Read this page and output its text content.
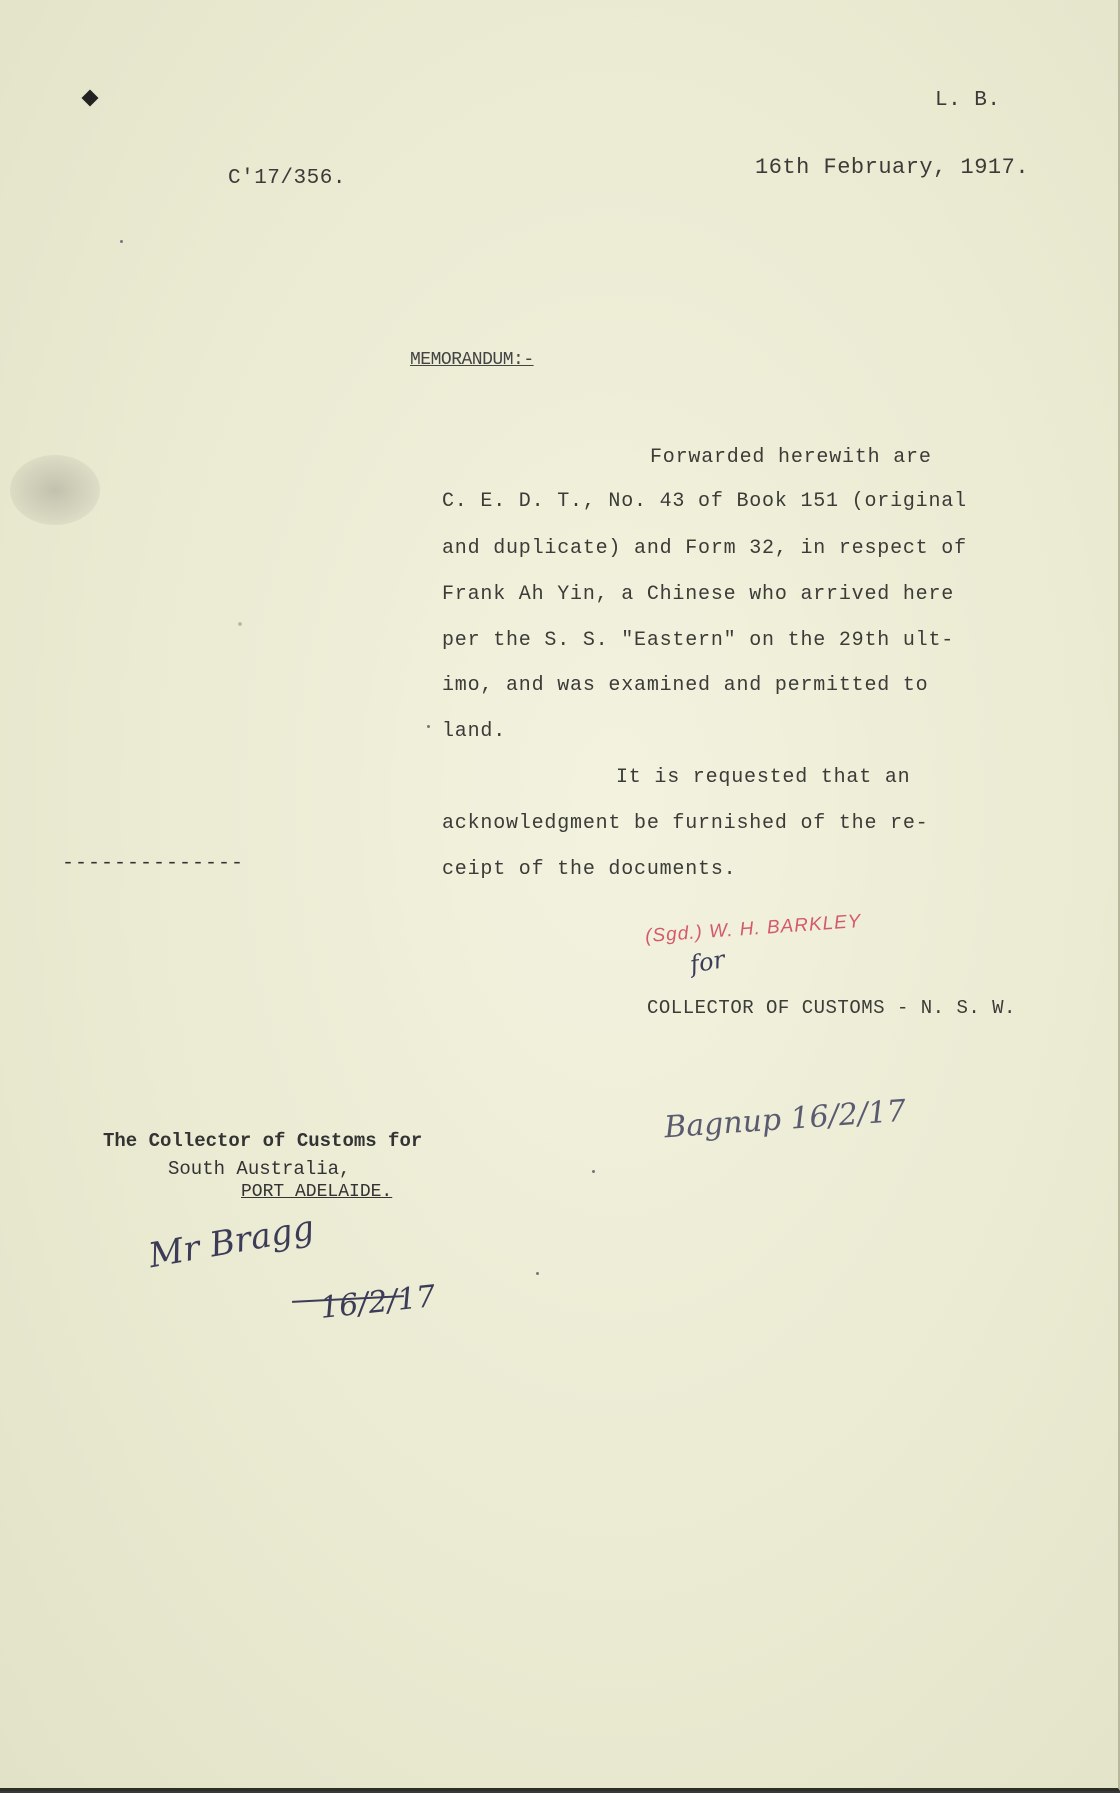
L. B.
C'17/356.	16th February, 1917.
MEMORANDUM:-
Forwarded herewith are
C. E. D. T., No. 43 of Book 151 (original
and duplicate) and Form 32, in respect of
Frank Ah Yin, a Chinese who arrived here
per the S. S. "Eastern" on the 29th ult-
imo, and was examined and permitted to
land.
It is requested that an
acknowledgment be furnished of the re-
ceipt of the documents.
--------------
(Sgd.) W. H. BARKLEY
for
COLLECTOR OF CUSTOMS - N. S. W.
Bagnup 16/2/17
The Collector of Customs for
South Australia,
PORT ADELAIDE.
Mr Bragg
16/2/17
